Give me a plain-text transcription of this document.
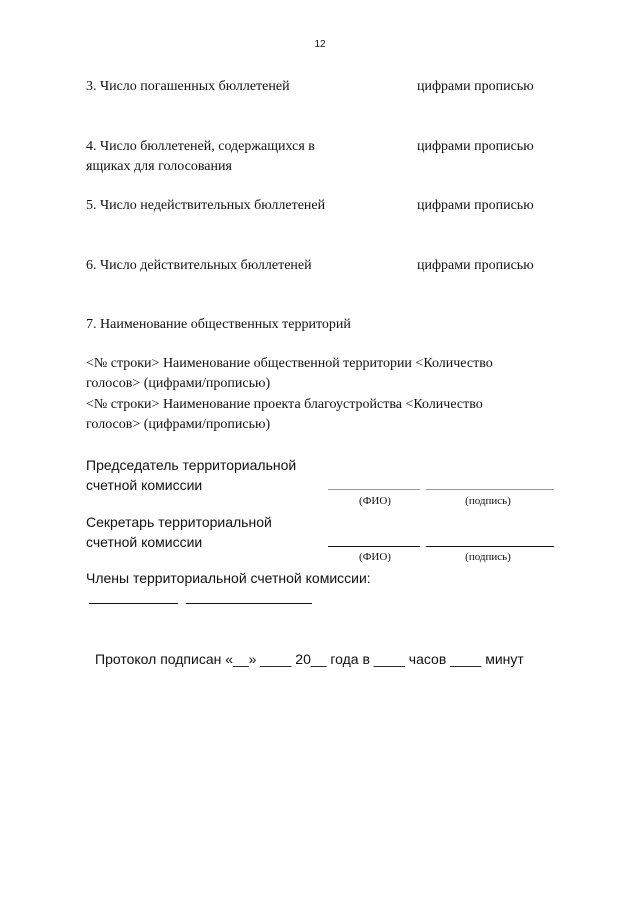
12
3. Число погашенных бюллетеней	цифрами прописью
4. Число бюллетеней, содержащихся в ящиках для голосования
цифрами прописью
5. Число недействительных бюллетеней	цифрами прописью
6. Число действительных бюллетеней	цифрами прописью
7. Наименование общественных территорий
<№ строки> Наименование общественной территории <Количество
голосов> (цифрами/прописью)
<№ строки> Наименование проекта благоустройства <Количество
голосов> (цифрами/прописью)
Председатель территориальной счетной комиссии
(ФИО)	(подпись)
Секретарь территориальной счетной комиссии
(ФИО)	(подпись)
Члены территориальной счетной комиссии:
Протокол подписан «__» ____ 20__ года в ____ часов ____ минут
